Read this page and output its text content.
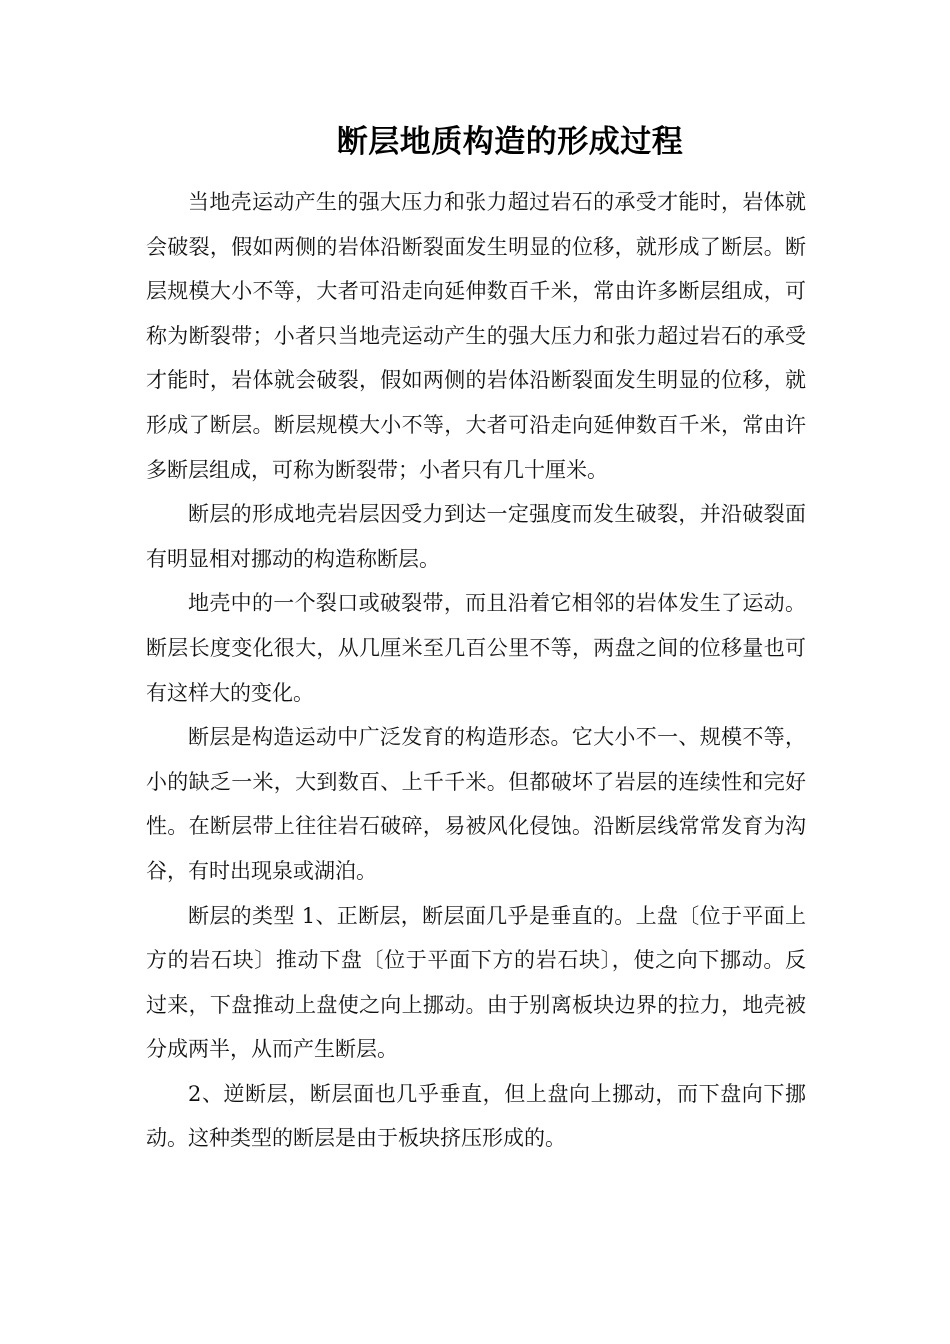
断层地质构造的形成过程

当地壳运动产生的强大压力和张力超过岩石的承受才能时，岩体就会破裂，假如两侧的岩体沿断裂面发生明显的位移，就形成了断层。断层规模大小不等，大者可沿走向延伸数百千米，常由许多断层组成，可称为断裂带；小者只当地壳运动产生的强大压力和张力超过岩石的承受才能时，岩体就会破裂，假如两侧的岩体沿断裂面发生明显的位移，就形成了断层。断层规模大小不等，大者可沿走向延伸数百千米，常由许多断层组成，可称为断裂带；小者只有几十厘米。

断层的形成地壳岩层因受力到达一定强度而发生破裂，并沿破裂面有明显相对挪动的构造称断层。

地壳中的一个裂口或破裂带，而且沿着它相邻的岩体发生了运动。断层长度变化很大，从几厘米至几百公里不等，两盘之间的位移量也可有这样大的变化。

断层是构造运动中广泛发育的构造形态。它大小不一、规模不等，小的缺乏一米，大到数百、上千千米。但都破坏了岩层的连续性和完好性。在断层带上往往岩石破碎，易被风化侵蚀。沿断层线常常发育为沟谷，有时出现泉或湖泊。

断层的类型 1、正断层，断层面几乎是垂直的。上盘〔位于平面上方的岩石块〕推动下盘〔位于平面下方的岩石块〕，使之向下挪动。反过来，下盘推动上盘使之向上挪动。由于别离板块边界的拉力，地壳被分成两半，从而产生断层。

2、逆断层，断层面也几乎垂直，但上盘向上挪动，而下盘向下挪动。这种类型的断层是由于板块挤压形成的。
